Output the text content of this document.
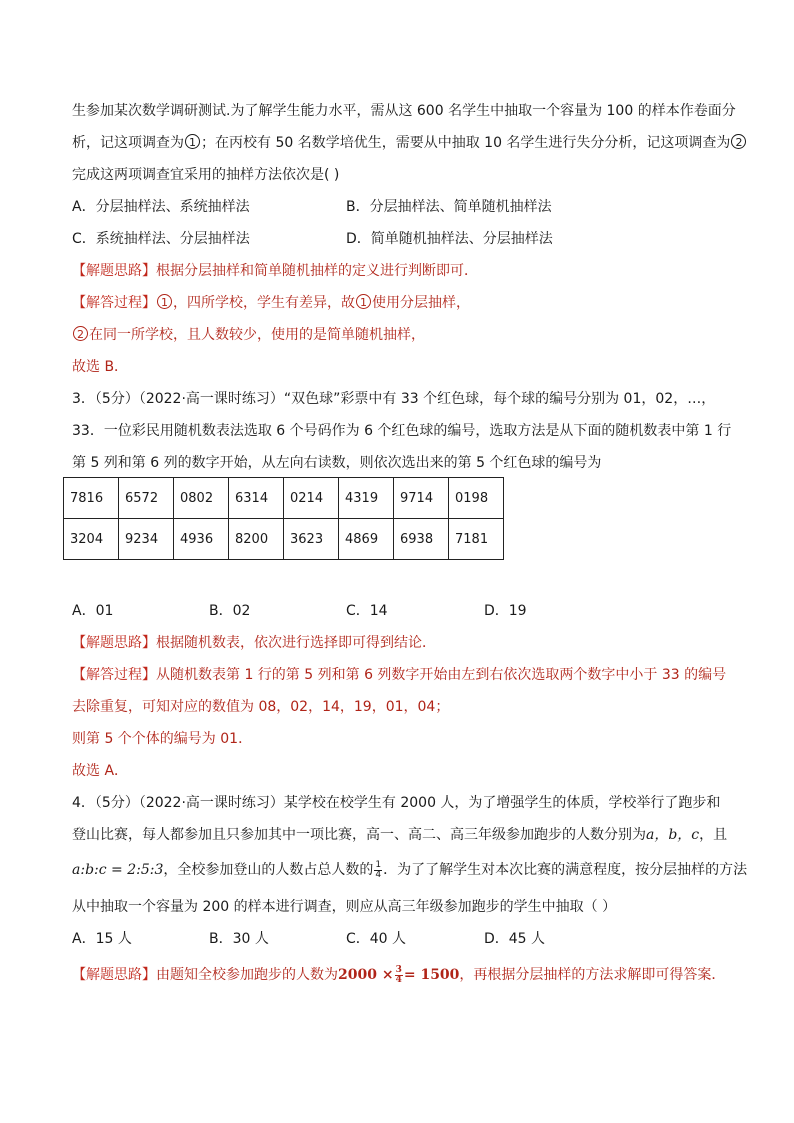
生参加某次数学调研测试.为了解学生能力水平，需从这 600 名学生中抽取一个容量为 100 的样本作卷面分
析，记这项调查为 1 ；在丙校有 50 名数学培优生，需要从中抽取 10 名学生进行失分分析，记这项调查为 2
完成这两项调查宜采用的抽样方法依次是( )
A．分层抽样法、系统抽样法	B．分层抽样法、简单随机抽样法
C．系统抽样法、分层抽样法	D．简单随机抽样法、分层抽样法
【解题思路】根据分层抽样和简单随机抽样的定义进行判断即可．
【解答过程】 1 ，四所学校，学生有差异，故 1 使用分层抽样，
2 在同一所学校，且人数较少，使用的是简单随机抽样，
故选 B．
3．（5分）（2022·高一课时练习）“双色球”彩票中有 33 个红色球，每个球的编号分别为 01，02，…，
33．一位彩民用随机数表法选取 6 个号码作为 6 个红色球的编号，选取方法是从下面的随机数表中第 1 行
第 5 列和第 6 列的数字开始，从左向右读数，则依次选出来的第 5 个红色球的编号为
7816	6572	0802	6314	0214	4319	9714	0198
3204	9234	4936	8200	3623	4869	6938	7181
A．01	B．02	C．14	D．19
【解题思路】根据随机数表，依次进行选择即可得到结论．
【解答过程】从随机数表第 1 行的第 5 列和第 6 列数字开始由左到右依次选取两个数字中小于 33 的编号
去除重复，可知对应的数值为 08，02，14，19，01，04；
则第 5 个个体的编号为 01．
故选 A．
4．（5分）（2022·高一课时练习）某学校在校学生有 2000 人，为了增强学生的体质，学校举行了跑步和
登山比赛，每人都参加且只参加其中一项比赛，高一、高二、高三年级参加跑步的人数分别为a，b，c，且
a:b:c = 2:5:3，全校参加登山的人数占总人数的 $\frac{1}{4}$ ．为了了解学生对本次比赛的满意程度，按分层抽样的方法
从中抽取一个容量为 200 的样本进行调查，则应从高三年级参加跑步的学生中抽取（ ）
A．15 人	B．30 人	C．40 人	D．45 人
【解题思路】由题知全校参加跑步的人数为$2000 \times \frac{3}{4} = 1500$，再根据分层抽样的方法求解即可得答案．
